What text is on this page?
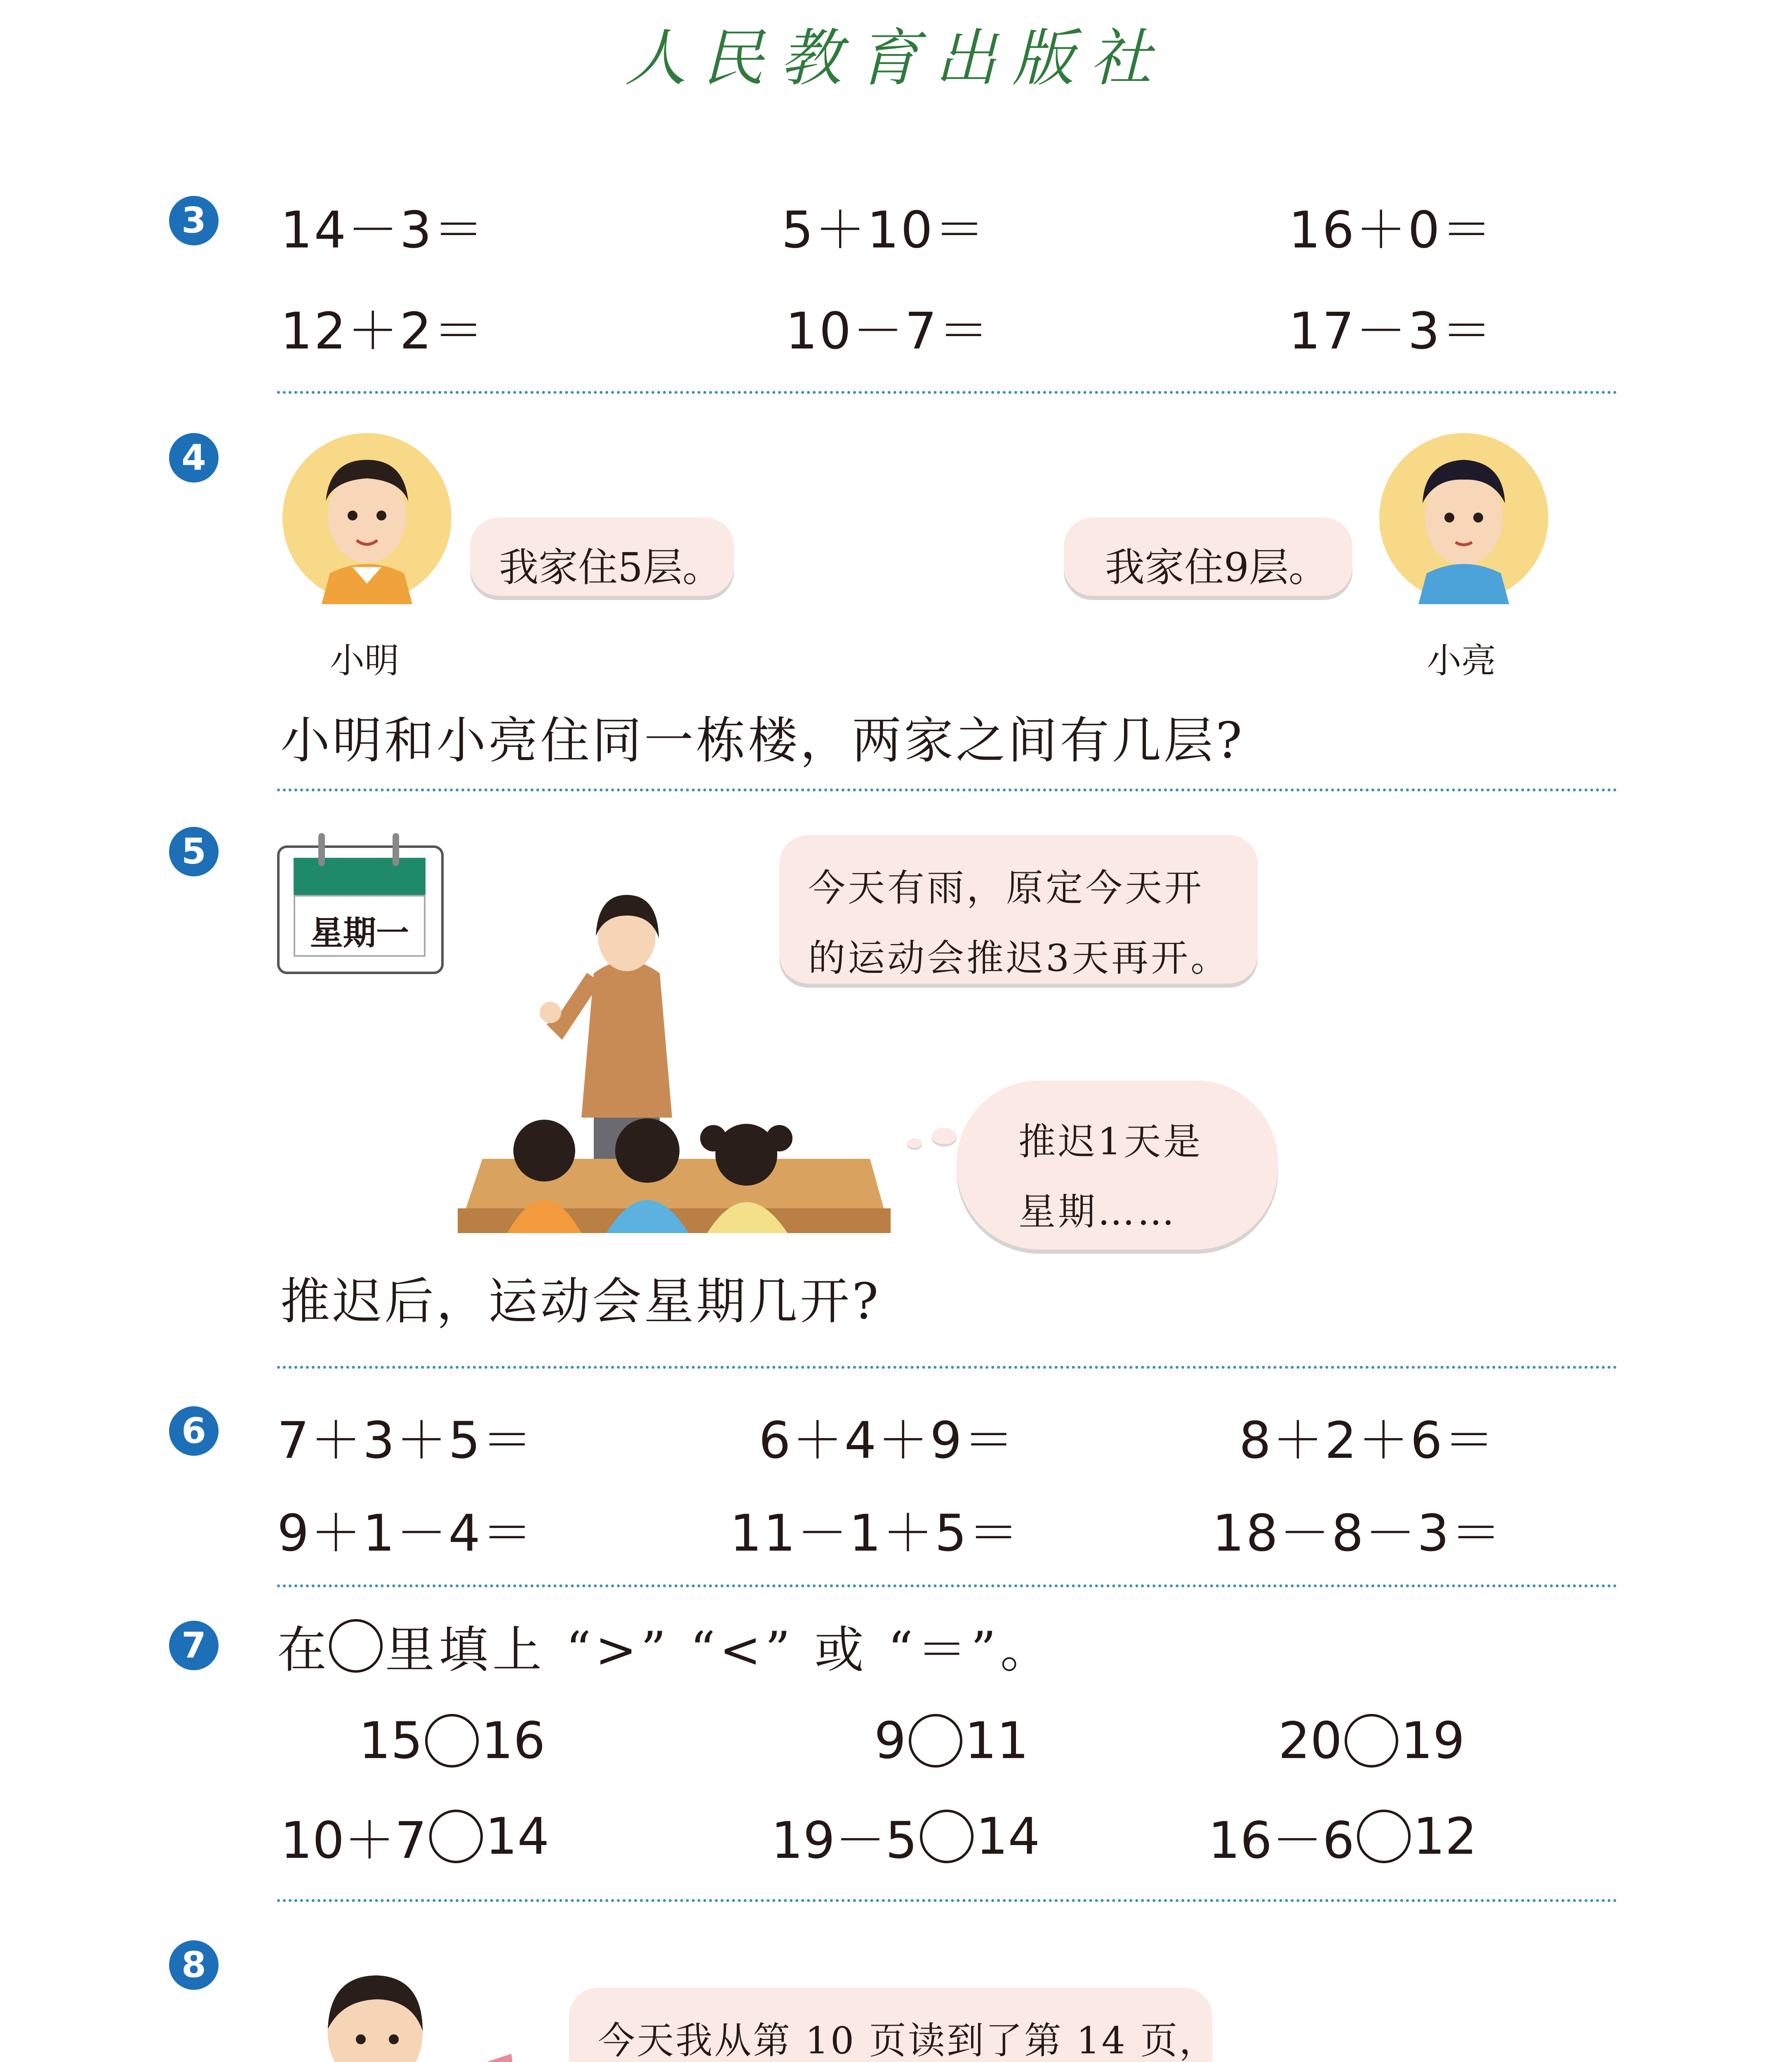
人民教育出版社
3 14－3＝	5＋10＝	16＋0＝
12＋2＝	10－7＝	17－3＝
4
我家住5层。
小明
我家住9层。
小亮
小明和小亮住同一栋楼，两家之间有几层?
5
星期一
今天有雨，原定今天开
的运动会推迟3天再开。
推迟1天是
星期……
推迟后，运动会星期几开?
6 7＋3＋5＝	6＋4＋9＝	8＋2＋6＝
9＋1－4＝	11－1＋5＝	18－8－3＝
7 在 里填上 “>” “<” 或 “＝”。
15 16	9 11	20 19
10＋7 14	19－5 14	16－6 12
8
今天我从第 10 页读到了第 14 页，
